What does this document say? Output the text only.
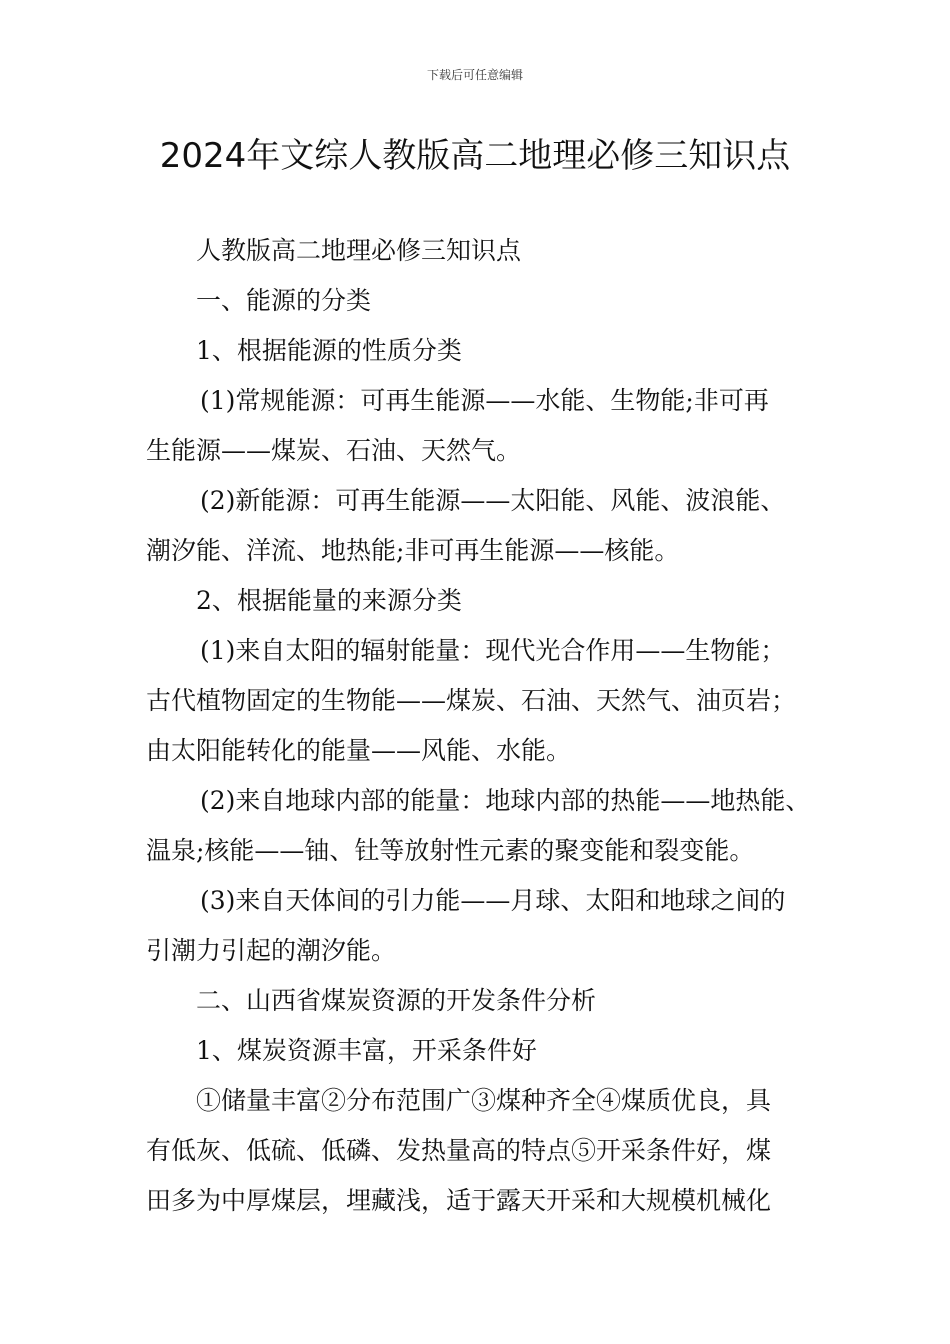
下载后可任意编辑
2024年文综人教版高二地理必修三知识点
人教版高二地理必修三知识点
一、能源的分类
1、根据能源的性质分类
(1)常规能源：可再生能源——水能、生物能;非可再
生能源——煤炭、石油、天然气。
(2)新能源：可再生能源——太阳能、风能、波浪能、
潮汐能、洋流、地热能;非可再生能源——核能。
2、根据能量的来源分类
(1)来自太阳的辐射能量：现代光合作用——生物能；
古代植物固定的生物能——煤炭、石油、天然气、油页岩；
由太阳能转化的能量——风能、水能。
(2)来自地球内部的能量：地球内部的热能——地热能、
温泉;核能——铀、钍等放射性元素的聚变能和裂变能。
(3)来自天体间的引力能——月球、太阳和地球之间的
引潮力引起的潮汐能。
二、山西省煤炭资源的开发条件分析
1、煤炭资源丰富，开采条件好
①储量丰富②分布范围广③煤种齐全④煤质优良，具
有低灰、低硫、低磷、发热量高的特点⑤开采条件好，煤
田多为中厚煤层，埋藏浅，适于露天开采和大规模机械化
